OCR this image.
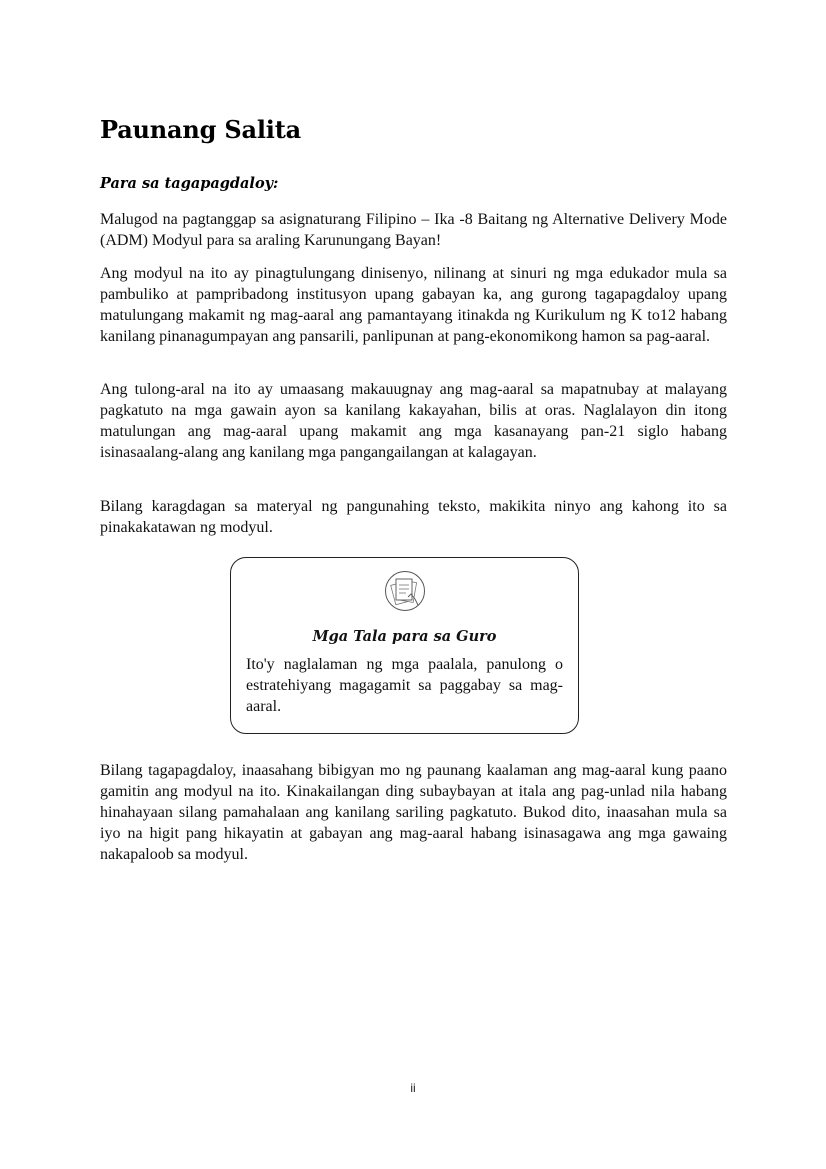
Paunang Salita
Para sa tagapagdaloy:

Malugod na pagtanggap sa asignaturang Filipino – Ika -8 Baitang ng Alternative Delivery Mode (ADM) Modyul para sa araling Karunungang Bayan!

Ang modyul na ito ay pinagtulungang dinisenyo, nilinang at sinuri ng mga edukador mula sa pambuliko at pampribadong institusyon upang gabayan ka, ang gurong tagapagdaloy upang matulungang makamit ng mag-aaral ang pamantayang itinakda ng Kurikulum ng K to12 habang kanilang pinanagumpayan ang pansarili, panlipunan at pang-ekonomikong hamon sa pag-aaral.

Ang tulong-aral na ito ay umaasang makauugnay ang mag-aaral sa mapatnubay at malayang pagkatuto na mga gawain ayon sa kanilang kakayahan, bilis at oras. Naglalayon din itong matulungan ang mag-aaral upang makamit ang mga kasanayang pan-21 siglo habang isinasaalang-alang ang kanilang mga pangangailangan at kalagayan.

Bilang karagdagan sa materyal ng pangunahing teksto, makikita ninyo ang kahong ito sa pinakakatawan ng modyul.

Mga Tala para sa Guro
Ito'y naglalaman ng mga paalala, panulong o estratehiyang magagamit sa paggabay sa mag-aaral.

Bilang tagapagdaloy, inaasahang bibigyan mo ng paunang kaalaman ang mag-aaral kung paano gamitin ang modyul na ito. Kinakailangan ding subaybayan at itala ang pag-unlad nila habang hinahayaan silang pamahalaan ang kanilang sariling pagkatuto. Bukod dito, inaasahan mula sa iyo na higit pang hikayatin at gabayan ang mag-aaral habang isinasagawa ang mga gawaing nakapaloob sa modyul.

ii
